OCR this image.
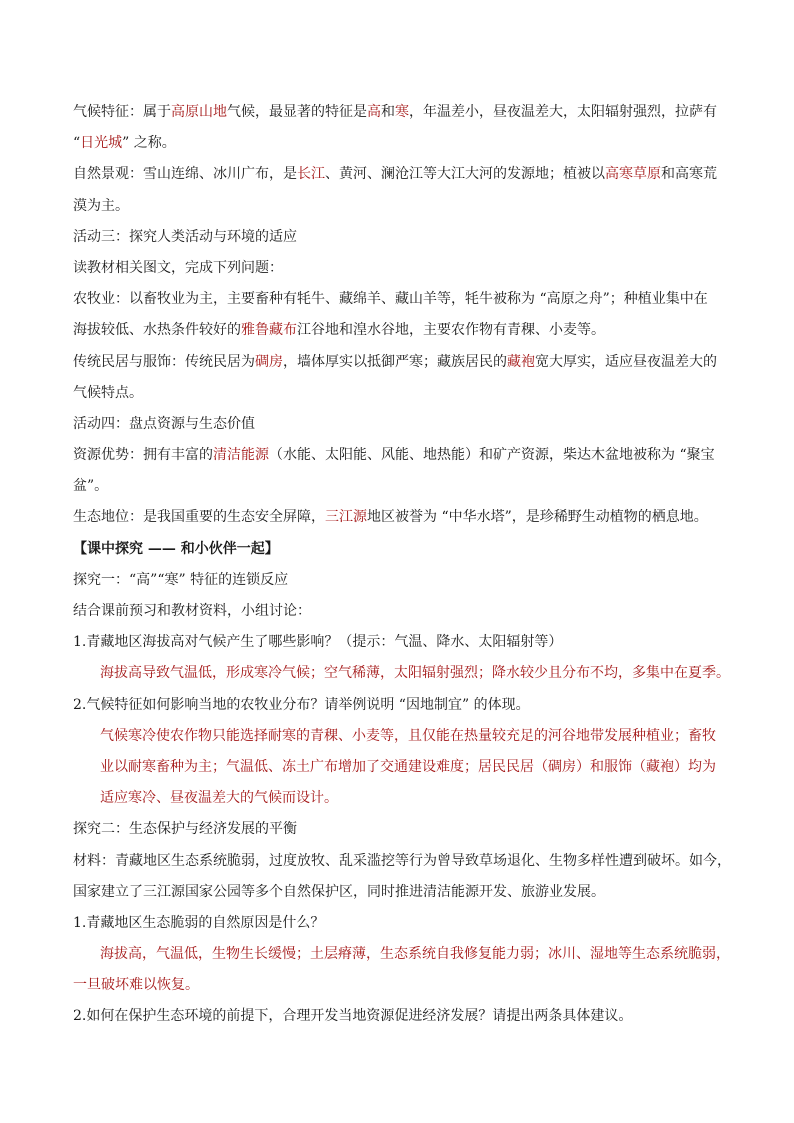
气候特征：属于高原山地气候，最显著的特征是高和寒，年温差小，昼夜温差大，太阳辐射强烈，拉萨有
“日光城” 之称。
自然景观：雪山连绵、冰川广布，是长江、黄河、澜沧江等大江大河的发源地；植被以高寒草原和高寒荒
漠为主。
活动三：探究人类活动与环境的适应
读教材相关图文，完成下列问题：
农牧业：以畜牧业为主，主要畜种有牦牛、藏绵羊、藏山羊等，牦牛被称为 “高原之舟”；种植业集中在
海拔较低、水热条件较好的雅鲁藏布江谷地和湟水谷地，主要农作物有青稞、小麦等。
传统民居与服饰：传统民居为碉房，墙体厚实以抵御严寒；藏族居民的藏袍宽大厚实，适应昼夜温差大的
气候特点。
活动四：盘点资源与生态价值
资源优势：拥有丰富的清洁能源（水能、太阳能、风能、地热能）和矿产资源，柴达木盆地被称为 “聚宝
盆”。
生态地位：是我国重要的生态安全屏障，三江源地区被誉为 “中华水塔”，是珍稀野生动植物的栖息地。
【课中探究 —— 和小伙伴一起】
探究一：“高”“寒” 特征的连锁反应
结合课前预习和教材资料，小组讨论：
1.青藏地区海拔高对气候产生了哪些影响？（提示：气温、降水、太阳辐射等）
海拔高导致气温低，形成寒冷气候；空气稀薄，太阳辐射强烈；降水较少且分布不均，多集中在夏季。
2.气候特征如何影响当地的农牧业分布？请举例说明 “因地制宜” 的体现。
气候寒冷使农作物只能选择耐寒的青稞、小麦等，且仅能在热量较充足的河谷地带发展种植业；畜牧
业以耐寒畜种为主；气温低、冻土广布增加了交通建设难度；居民民居（碉房）和服饰（藏袍）均为
适应寒冷、昼夜温差大的气候而设计。
探究二：生态保护与经济发展的平衡
材料：青藏地区生态系统脆弱，过度放牧、乱采滥挖等行为曾导致草场退化、生物多样性遭到破坏。如今，
国家建立了三江源国家公园等多个自然保护区，同时推进清洁能源开发、旅游业发展。
1.青藏地区生态脆弱的自然原因是什么？
海拔高，气温低，生物生长缓慢；土层瘠薄，生态系统自我修复能力弱；冰川、湿地等生态系统脆弱，
一旦破坏难以恢复。
2.如何在保护生态环境的前提下，合理开发当地资源促进经济发展？请提出两条具体建议。
